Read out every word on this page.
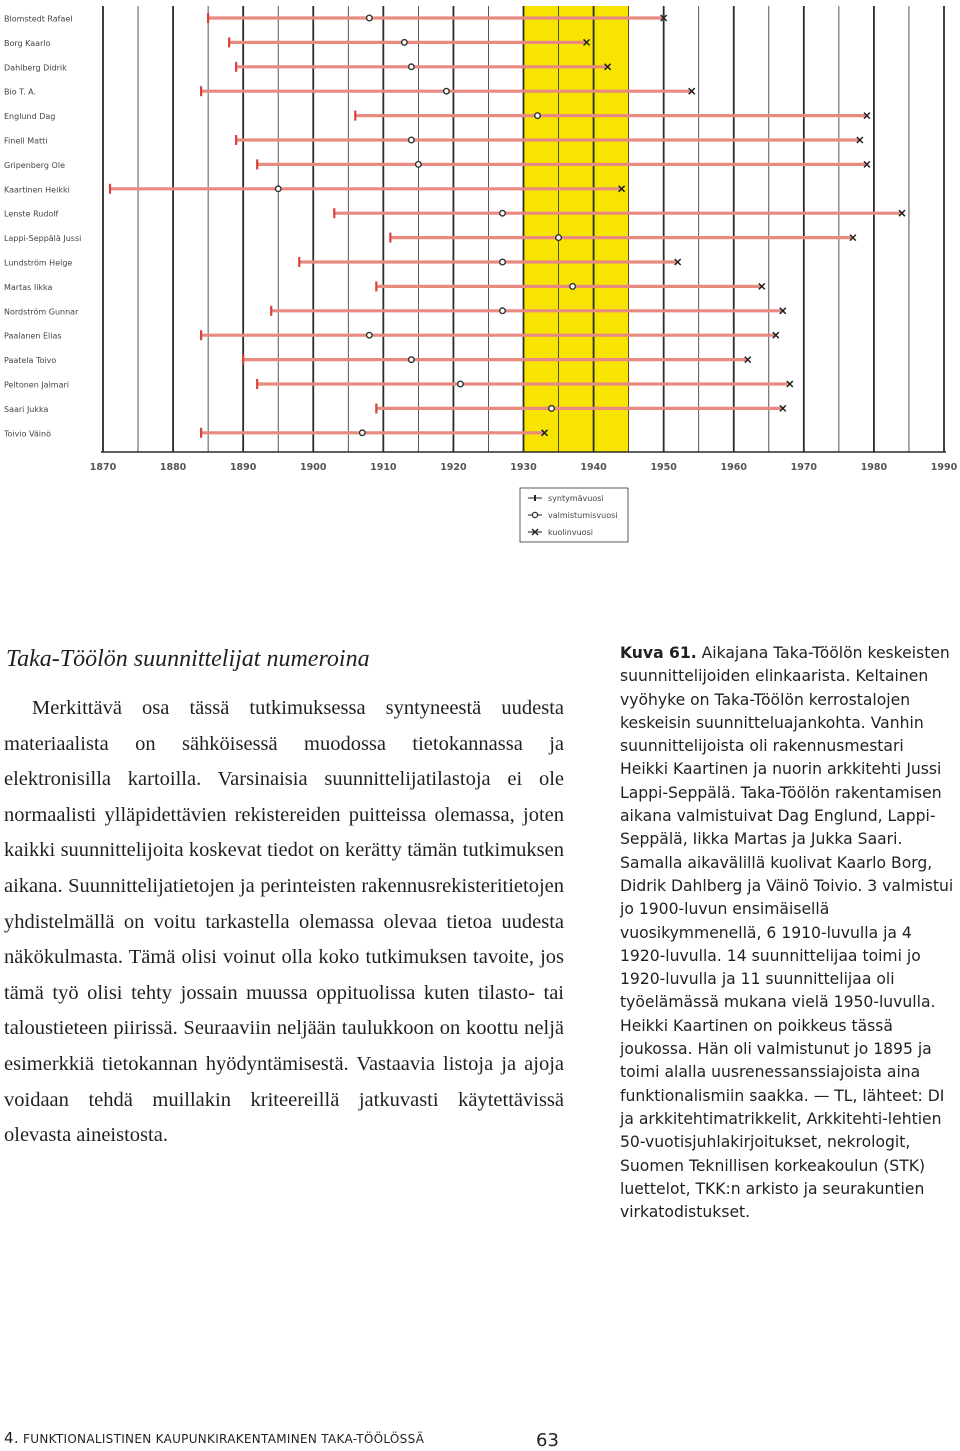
Blomstedt Rafael
Borg Kaarlo
Dahlberg Didrik
Bio T. A.
Englund Dag
Finell Matti
Gripenberg Ole
Kaartinen Heikki
Lenste Rudolf
Lappi-Seppälä Jussi
Lundström Helge
Martas Iikka
Nordström Gunnar
Paalanen Elias
Paatela Toivo
Peltonen Jalmari
Saari Jukka
Toivio Väinö
1870	1880	1890	1900	1910	1920	1930	1940	1950	1960	1970	1980	1990
syntymävuosi
valmistumisvuosi
kuolinvuosi
Taka-Töölön suunnittelijat numeroina

Merkittävä osa tässä tutkimuksessa syntyneestä uudesta materiaalista on sähköisessä muodossa tietokannassa ja elektronisilla kartoilla. Varsinaisia suunnittelijatilastoja ei ole normaalisti ylläpidettävien rekistereiden puitteissa olemassa, joten kaikki suunnittelijoita koskevat tiedot on kerätty tämän tutkimuksen aikana. Suunnittelijatietojen ja perinteisten rakennusrekisteritietojen yhdistelmällä on voitu tarkastella olemassa olevaa tietoa uudesta näkökulmasta. Tämä olisi voinut olla koko tutkimuksen tavoite, jos tämä työ olisi tehty jossain muussa oppituolissa kuten tilasto- tai taloustieteen piirissä. Seuraaviin neljään taulukkoon on koottu neljä esimerkkiä tietokannan hyödyntämisestä. Vastaavia listoja ja ajoja voidaan tehdä muillakin kriteereillä jatkuvasti käytettävissä olevasta aineistosta.

Kuva 61. Aikajana Taka-Töölön keskeisten suunnittelijoiden elinkaarista. Keltainen vyöhyke on Taka-Töölön kerrostalojen keskeisin suunnitteluajankohta. Vanhin suunnittelijoista oli rakennusmestari Heikki Kaartinen ja nuorin arkkitehti Jussi Lappi-Seppälä. Taka-Töölön rakentamisen aikana valmistuivat Dag Englund, Lappi-Seppälä, Iikka Martas ja Jukka Saari. Samalla aikavälillä kuolivat Kaarlo Borg, Didrik Dahlberg ja Väinö Toivio. 3 valmistui jo 1900-luvun ensimäisellä vuosikymmenellä, 6 1910-luvulla ja 4 1920-luvulla. 14 suunnittelijaa toimi jo 1920-luvulla ja 11 suunnittelijaa oli työelämässä mukana vielä 1950-luvulla. Heikki Kaartinen on poikkeus tässä joukossa. Hän oli valmistunut jo 1895 ja toimi alalla uusrenessanssiajoista aina funktionalismiin saakka. — TL, lähteet: DI ja arkkitehtimatrikkelit, Arkkitehti-lehtien 50-vuotisjuhlakirjoitukset, nekrologit, Suomen Teknillisen korkeakoulun (STK) luettelot, TKK:n arkisto ja seurakuntien virkatodistukset.

4. FUNKTIONALISTINEN KAUPUNKIRAKENTAMINEN TAKA-TÖÖLÖSSÄ	63
